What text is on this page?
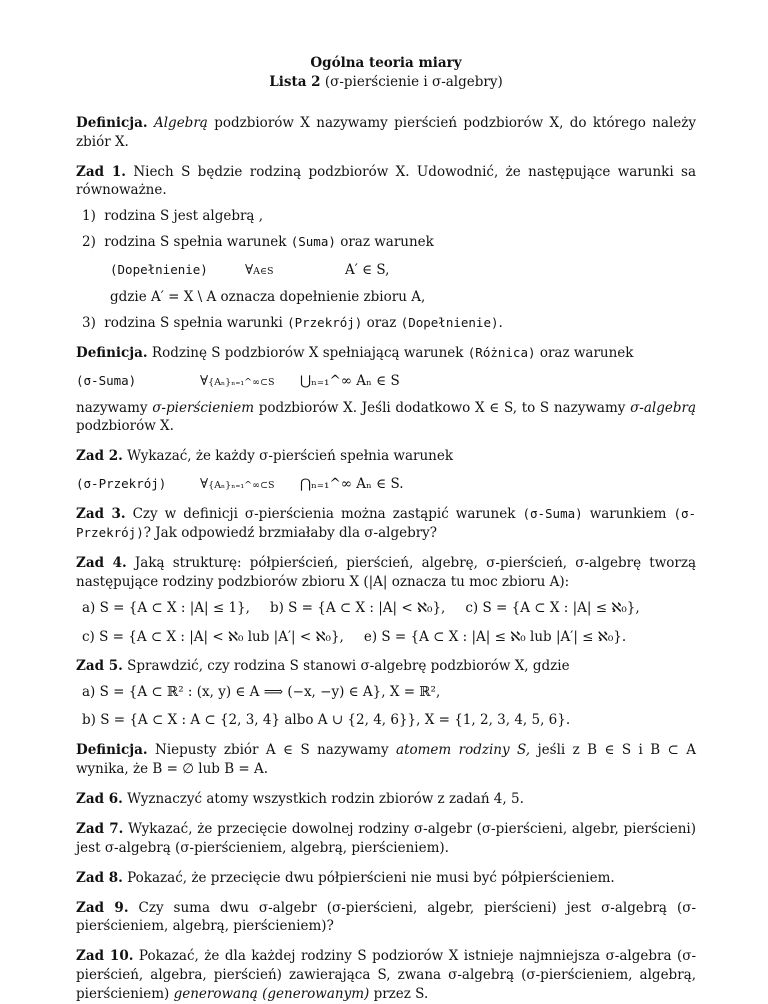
Ogólna teoria miary
Lista 2 (σ-pierścienie i σ-algebry)

Definicja. Algebrą podzbiorów X nazywamy pierścień podzbiorów X, do którego należy zbiór X.

Zad 1. Niech S będzie rodziną podzbiorów X. Udowodnić, że następujące warunki sa równoważne.

1) rodzina S jest algebrą ,
2) rodzina S spełnia warunek (Suma) oraz warunek
(Dopełnienie)	∀A∈S	A′ ∈ S,
gdzie A′ = X \ A oznacza dopełnienie zbioru A,
3) rodzina S spełnia warunki (Przekrój) oraz (Dopełnienie).

Definicja. Rodzinę S podzbiorów X spełniającą warunek (Różnica) oraz warunek

(σ-Suma)	∀{Aₙ}ₙ₌₁^∞⊂S	⋃ₙ₌₁^∞ Aₙ ∈ S

nazywamy σ-pierścieniem podzbiorów X. Jeśli dodatkowo X ∈ S, to S nazywamy σ-algebrą podzbiorów X.

Zad 2. Wykazać, że każdy σ-pierścień spełnia warunek

(σ-Przekrój)	∀{Aₙ}ₙ₌₁^∞⊂S	⋂ₙ₌₁^∞ Aₙ ∈ S.

Zad 3. Czy w definicji σ-pierścienia można zastąpić warunek (σ-Suma) warunkiem (σ-Przekrój)? Jak odpowiedź brzmiałaby dla σ-algebry?

Zad 4. Jaką strukturę: półpierścień, pierścień, algebrę, σ-pierścień, σ-algebrę tworzą następujące rodziny podzbiorów zbioru X (|A| oznacza tu moc zbioru A):

a) S = {A ⊂ X : |A| ≤ 1}, b) S = {A ⊂ X : |A| < ℵ₀}, c) S = {A ⊂ X : |A| ≤ ℵ₀},
c) S = {A ⊂ X : |A| < ℵ₀ lub |A′| < ℵ₀}, e) S = {A ⊂ X : |A| ≤ ℵ₀ lub |A′| ≤ ℵ₀}.

Zad 5. Sprawdzić, czy rodzina S stanowi σ-algebrę podzbiorów X, gdzie

a) S = {A ⊂ ℝ² : (x, y) ∈ A ⟹ (−x, −y) ∈ A}, X = ℝ²,
b) S = {A ⊂ X : A ⊂ {2, 3, 4} albo A ∪ {2, 4, 6}}, X = {1, 2, 3, 4, 5, 6}.

Definicja. Niepusty zbiór A ∈ S nazywamy atomem rodziny S, jeśli z B ∈ S i B ⊂ A wynika, że B = ∅ lub B = A.

Zad 6. Wyznaczyć atomy wszystkich rodzin zbiorów z zadań 4, 5.

Zad 7. Wykazać, że przecięcie dowolnej rodziny σ-algebr (σ-pierścieni, algebr, pierścieni) jest σ-algebrą (σ-pierścieniem, algebrą, pierścieniem).

Zad 8. Pokazać, że przecięcie dwu półpierścieni nie musi być półpierścieniem.

Zad 9. Czy suma dwu σ-algebr (σ-pierścieni, algebr, pierścieni) jest σ-algebrą (σ-pierścieniem, algebrą, pierścieniem)?

Zad 10. Pokazać, że dla każdej rodziny S podziorów X istnieje najmniejsza σ-algebra (σ-pierścień, algebra, pierścień) zawierająca S, zwana σ-algebrą (σ-pierścieniem, algebrą, pierścieniem) generowaną (generowanym) przez S.
